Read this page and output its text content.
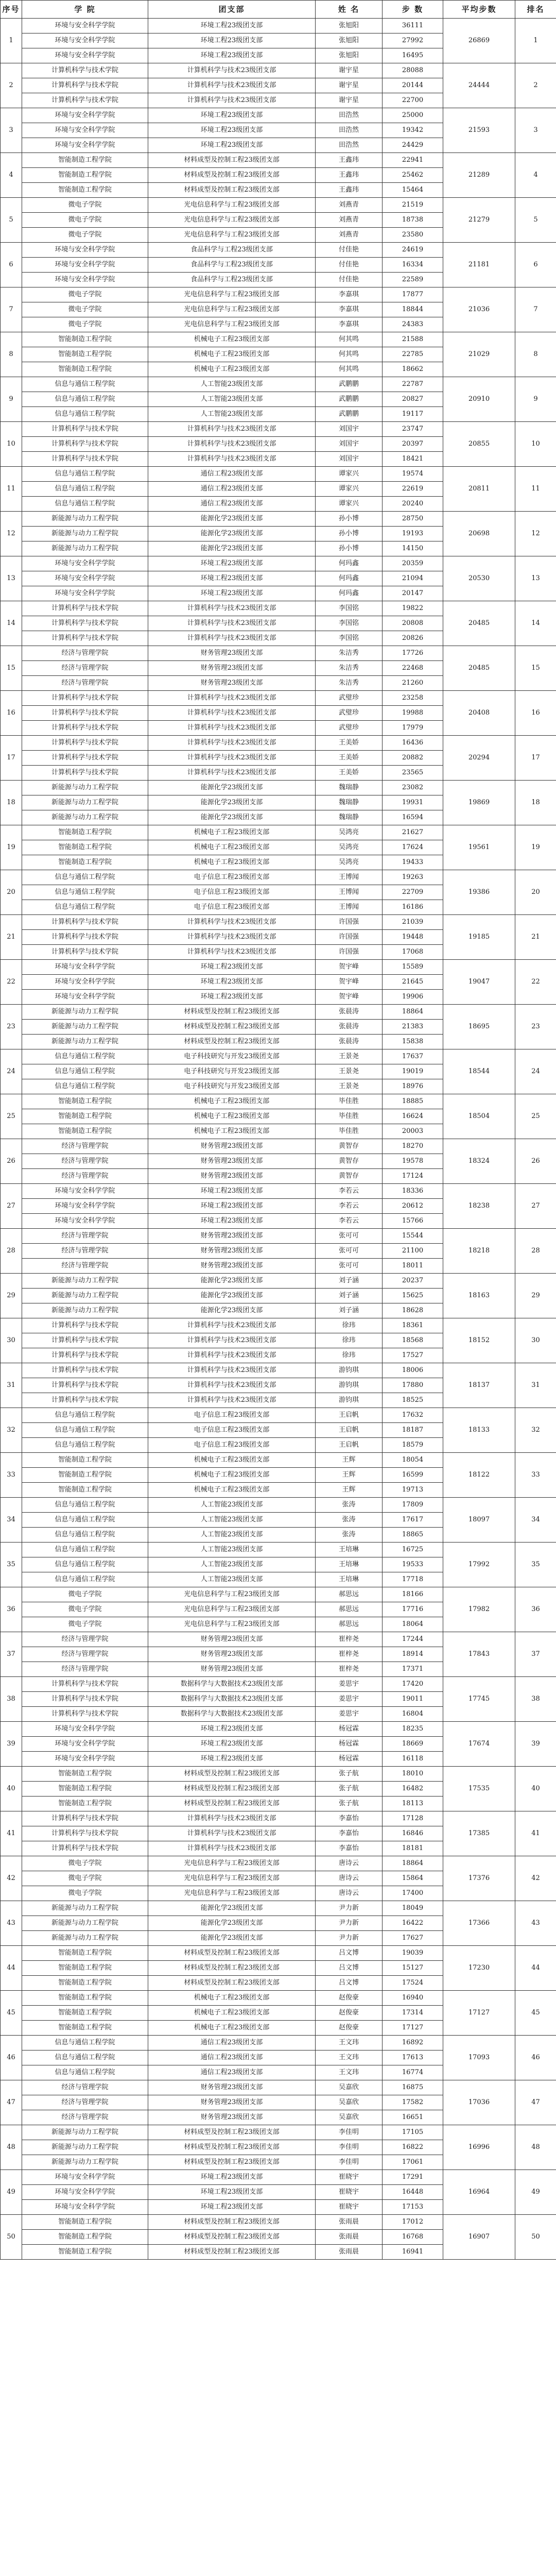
序号	学 院	团支部	姓 名	步 数	平均步数	排名
1	环境与安全科学学院	环境工程23级团支部	张旭阳	36111	26869	1
	环境与安全科学学院	环境工程23级团支部	张旭阳	27992		
	环境与安全科学学院	环境工程23级团支部	张旭阳	16495		
2	计算机科学与技术学院	计算机科学与技术23级团支部	谢宇星	28088	24444	2
	计算机科学与技术学院	计算机科学与技术23级团支部	谢宇星	20144		
	计算机科学与技术学院	计算机科学与技术23级团支部	谢宇星	22700		
3	环境与安全科学学院	环境工程23级团支部	田浩然	25000	21593	3
	环境与安全科学学院	环境工程23级团支部	田浩然	19342		
	环境与安全科学学院	环境工程23级团支部	田浩然	24429		
4	智能制造工程学院	材料成型及控制工程23级团支部	王鑫玮	22941	21289	4
	智能制造工程学院	材料成型及控制工程23级团支部	王鑫玮	25462		
	智能制造工程学院	材料成型及控制工程23级团支部	王鑫玮	15464		
5	微电子学院	光电信息科学与工程23级团支部	刘燕青	21519	21279	5
	微电子学院	光电信息科学与工程23级团支部	刘燕青	18738		
	微电子学院	光电信息科学与工程23级团支部	刘燕青	23580		
6	环境与安全科学学院	食品科学与工程23级团支部	付佳艳	24619	21181	6
	环境与安全科学学院	食品科学与工程23级团支部	付佳艳	16334		
	环境与安全科学学院	食品科学与工程23级团支部	付佳艳	22589		
7	微电子学院	光电信息科学与工程23级团支部	李嘉琪	17877	21036	7
	微电子学院	光电信息科学与工程23级团支部	李嘉琪	18844		
	微电子学院	光电信息科学与工程23级团支部	李嘉琪	24383		
8	智能制造工程学院	机械电子工程23级团支部	何其鸣	21588	21029	8
	智能制造工程学院	机械电子工程23级团支部	何其鸣	22785		
	智能制造工程学院	机械电子工程23级团支部	何其鸣	18662		
9	信息与通信工程学院	人工智能23级团支部	武鹏鹏	22787	20910	9
	信息与通信工程学院	人工智能23级团支部	武鹏鹏	20827		
	信息与通信工程学院	人工智能23级团支部	武鹏鹏	19117		
10	计算机科学与技术学院	计算机科学与技术23级团支部	刘国宇	23747	20855	10
	计算机科学与技术学院	计算机科学与技术23级团支部	刘国宇	20397		
	计算机科学与技术学院	计算机科学与技术23级团支部	刘国宇	18421		
11	信息与通信工程学院	通信工程23级团支部	谭家兴	19574	20811	11
	信息与通信工程学院	通信工程23级团支部	谭家兴	22619		
	信息与通信工程学院	通信工程23级团支部	谭家兴	20240		
12	新能源与动力工程学院	能源化学23级团支部	孙小博	28750	20698	12
	新能源与动力工程学院	能源化学23级团支部	孙小博	19193		
	新能源与动力工程学院	能源化学23级团支部	孙小博	14150		
13	环境与安全科学学院	环境工程23级团支部	何玛鑫	20359	20530	13
	环境与安全科学学院	环境工程23级团支部	何玛鑫	21094		
	环境与安全科学学院	环境工程23级团支部	何玛鑫	20147		
14	计算机科学与技术学院	计算机科学与技术23级团支部	李国铭	19822	20485	14
	计算机科学与技术学院	计算机科学与技术23级团支部	李国铭	20808		
	计算机科学与技术学院	计算机科学与技术23级团支部	李国铭	20826		
15	经济与管理学院	财务管理23级团支部	朱洁秀	17726	20485	15
	经济与管理学院	财务管理23级团支部	朱洁秀	22468		
	经济与管理学院	财务管理23级团支部	朱洁秀	21260		
16	计算机科学与技术学院	计算机科学与技术23级团支部	武璧珍	23258	20408	16
	计算机科学与技术学院	计算机科学与技术23级团支部	武璧珍	19988		
	计算机科学与技术学院	计算机科学与技术23级团支部	武璧珍	17979		
17	计算机科学与技术学院	计算机科学与技术23级团支部	王美娇	16436	20294	17
	计算机科学与技术学院	计算机科学与技术23级团支部	王美娇	20882		
	计算机科学与技术学院	计算机科学与技术23级团支部	王美娇	23565		
18	新能源与动力工程学院	能源化学23级团支部	魏瑞静	23082	19869	18
	新能源与动力工程学院	能源化学23级团支部	魏瑞静	19931		
	新能源与动力工程学院	能源化学23级团支部	魏瑞静	16594		
19	智能制造工程学院	机械电子工程23级团支部	吴鸿亮	21627	19561	19
	智能制造工程学院	机械电子工程23级团支部	吴鸿亮	17624		
	智能制造工程学院	机械电子工程23级团支部	吴鸿亮	19433		
20	信息与通信工程学院	电子信息工程23级团支部	王博闻	19263	19386	20
	信息与通信工程学院	电子信息工程23级团支部	王博闻	22709		
	信息与通信工程学院	电子信息工程23级团支部	王博闻	16186		
21	计算机科学与技术学院	计算机科学与技术23级团支部	许国强	21039	19185	21
	计算机科学与技术学院	计算机科学与技术23级团支部	许国强	19448		
	计算机科学与技术学院	计算机科学与技术23级团支部	许国强	17068		
22	环境与安全科学学院	环境工程23级团支部	贺宇峰	15589	19047	22
	环境与安全科学学院	环境工程23级团支部	贺宇峰	21645		
	环境与安全科学学院	环境工程23级团支部	贺宇峰	19906		
23	新能源与动力工程学院	材料成型及控制工程23级团支部	张晨涛	18864	18695	23
	新能源与动力工程学院	材料成型及控制工程23级团支部	张晨涛	21383		
	新能源与动力工程学院	材料成型及控制工程23级团支部	张晨涛	15838		
24	信息与通信工程学院	电子科技研究与开发23级团支部	王景尧	17637	18544	24
	信息与通信工程学院	电子科技研究与开发23级团支部	王景尧	19019		
	信息与通信工程学院	电子科技研究与开发23级团支部	王景尧	18976		
25	智能制造工程学院	机械电子工程23级团支部	毕佳胜	18885	18504	25
	智能制造工程学院	机械电子工程23级团支部	毕佳胜	16624		
	智能制造工程学院	机械电子工程23级团支部	毕佳胜	20003		
26	经济与管理学院	财务管理23级团支部	黄智存	18270	18324	26
	经济与管理学院	财务管理23级团支部	黄智存	19578		
	经济与管理学院	财务管理23级团支部	黄智存	17124		
27	环境与安全科学学院	环境工程23级团支部	李若云	18336	18238	27
	环境与安全科学学院	环境工程23级团支部	李若云	20612		
	环境与安全科学学院	环境工程23级团支部	李若云	15766		
28	经济与管理学院	财务管理23级团支部	张可可	15544	18218	28
	经济与管理学院	财务管理23级团支部	张可可	21100		
	经济与管理学院	财务管理23级团支部	张可可	18011		
29	新能源与动力工程学院	能源化学23级团支部	刘子涵	20237	18163	29
	新能源与动力工程学院	能源化学23级团支部	刘子涵	15625		
	新能源与动力工程学院	能源化学23级团支部	刘子涵	18628		
30	计算机科学与技术学院	计算机科学与技术23级团支部	徐玮	18361	18152	30
	计算机科学与技术学院	计算机科学与技术23级团支部	徐玮	18568		
	计算机科学与技术学院	计算机科学与技术23级团支部	徐玮	17527		
31	计算机科学与技术学院	计算机科学与技术23级团支部	游钧琪	18006	18137	31
	计算机科学与技术学院	计算机科学与技术23级团支部	游钧琪	17880		
	计算机科学与技术学院	计算机科学与技术23级团支部	游钧琪	18525		
32	信息与通信工程学院	电子信息工程23级团支部	王启帆	17632	18133	32
	信息与通信工程学院	电子信息工程23级团支部	王启帆	18187		
	信息与通信工程学院	电子信息工程23级团支部	王启帆	18579		
33	智能制造工程学院	机械电子工程23级团支部	王辉	18054	18122	33
	智能制造工程学院	机械电子工程23级团支部	王辉	16599		
	智能制造工程学院	机械电子工程23级团支部	王辉	19713		
34	信息与通信工程学院	人工智能23级团支部	张涛	17809	18097	34
	信息与通信工程学院	人工智能23级团支部	张涛	17617		
	信息与通信工程学院	人工智能23级团支部	张涛	18865		
35	信息与通信工程学院	人工智能23级团支部	王培琳	16725	17992	35
	信息与通信工程学院	人工智能23级团支部	王培琳	19533		
	信息与通信工程学院	人工智能23级团支部	王培琳	17718		
36	微电子学院	光电信息科学与工程23级团支部	郝思远	18166	17982	36
	微电子学院	光电信息科学与工程23级团支部	郝思远	17716		
	微电子学院	光电信息科学与工程23级团支部	郝思远	18064		
37	经济与管理学院	财务管理23级团支部	崔梓尧	17244	17843	37
	经济与管理学院	财务管理23级团支部	崔梓尧	18914		
	经济与管理学院	财务管理23级团支部	崔梓尧	17371		
38	计算机科学与技术学院	数据科学与大数据技术23级团支部	姜思宇	17420	17745	38
	计算机科学与技术学院	数据科学与大数据技术23级团支部	姜思宇	19011		
	计算机科学与技术学院	数据科学与大数据技术23级团支部	姜思宇	16804		
39	环境与安全科学学院	环境工程23级团支部	杨冠霖	18235	17674	39
	环境与安全科学学院	环境工程23级团支部	杨冠霖	18669		
	环境与安全科学学院	环境工程23级团支部	杨冠霖	16118		
40	智能制造工程学院	材料成型及控制工程23级团支部	张子航	18010	17535	40
	智能制造工程学院	材料成型及控制工程23级团支部	张子航	16482		
	智能制造工程学院	材料成型及控制工程23级团支部	张子航	18113		
41	计算机科学与技术学院	计算机科学与技术23级团支部	李嘉怡	17128	17385	41
	计算机科学与技术学院	计算机科学与技术23级团支部	李嘉怡	16846		
	计算机科学与技术学院	计算机科学与技术23级团支部	李嘉怡	18181		
42	微电子学院	光电信息科学与工程23级团支部	唐诗云	18864	17376	42
	微电子学院	光电信息科学与工程23级团支部	唐诗云	15864		
	微电子学院	光电信息科学与工程23级团支部	唐诗云	17400		
43	新能源与动力工程学院	能源化学23级团支部	尹力新	18049	17366	43
	新能源与动力工程学院	能源化学23级团支部	尹力新	16422		
	新能源与动力工程学院	能源化学23级团支部	尹力新	17627		
44	智能制造工程学院	材料成型及控制工程23级团支部	吕文博	19039	17230	44
	智能制造工程学院	材料成型及控制工程23级团支部	吕文博	15127		
	智能制造工程学院	材料成型及控制工程23级团支部	吕文博	17524		
45	智能制造工程学院	机械电子工程23级团支部	赵俊豪	16940	17127	45
	智能制造工程学院	机械电子工程23级团支部	赵俊豪	17314		
	智能制造工程学院	机械电子工程23级团支部	赵俊豪	17127		
46	信息与通信工程学院	通信工程23级团支部	王文玮	16892	17093	46
	信息与通信工程学院	通信工程23级团支部	王文玮	17613		
	信息与通信工程学院	通信工程23级团支部	王文玮	16774		
47	经济与管理学院	财务管理23级团支部	吴嘉欣	16875	17036	47
	经济与管理学院	财务管理23级团支部	吴嘉欣	17582		
	经济与管理学院	财务管理23级团支部	吴嘉欣	16651		
48	新能源与动力工程学院	材料成型及控制工程23级团支部	李佳明	17105	16996	48
	新能源与动力工程学院	材料成型及控制工程23级团支部	李佳明	16822		
	新能源与动力工程学院	材料成型及控制工程23级团支部	李佳明	17061		
49	环境与安全科学学院	环境工程23级团支部	崔晓宇	17291	16964	49
	环境与安全科学学院	环境工程23级团支部	崔晓宇	16448		
	环境与安全科学学院	环境工程23级团支部	崔晓宇	17153		
50	智能制造工程学院	材料成型及控制工程23级团支部	张雨晨	17012	16907	50
	智能制造工程学院	材料成型及控制工程23级团支部	张雨晨	16768		
	智能制造工程学院	材料成型及控制工程23级团支部	张雨晨	16941		
